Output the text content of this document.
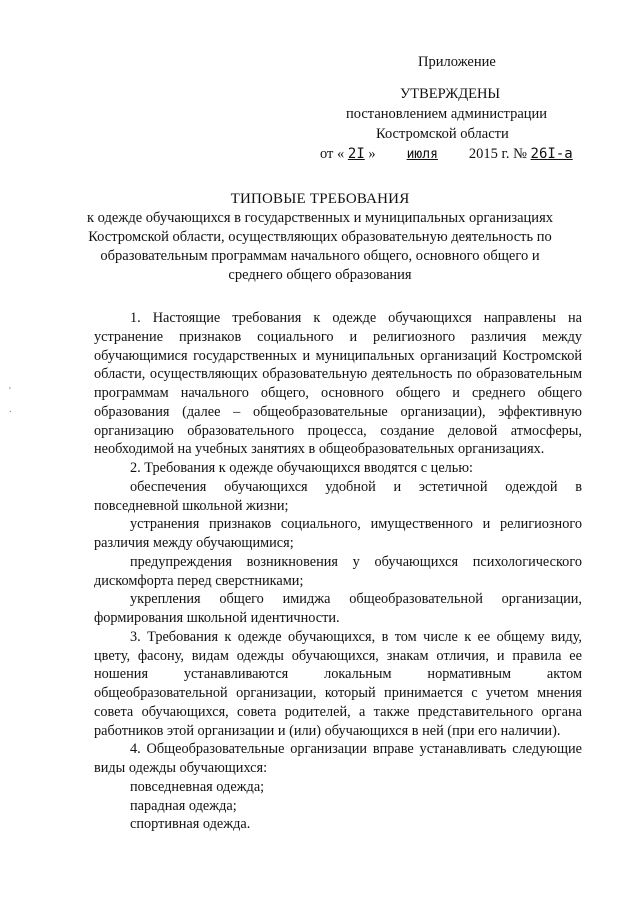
Приложение
УТВЕРЖДЕНЫ
постановлением администрации
Костромской области
от « 2I » июля 2015 г. № 26I-а
ТИПОВЫЕ ТРЕБОВАНИЯ
к одежде обучающихся в государственных и муниципальных организациях
Костромской области, осуществляющих образовательную деятельность по
образовательным программам начального общего, основного общего и
среднего общего образования

1. Настоящие требования к одежде обучающихся направлены на устранение признаков социального и религиозного различия между обучающимися государственных и муниципальных организаций Костромской области, осуществляющих образовательную деятельность по образовательным программам начального общего, основного общего и среднего общего образования (далее – общеобразовательные организации), эффективную организацию образовательного процесса, создание деловой атмосферы, необходимой на учебных занятиях в общеобразовательных организациях.

2. Требования к одежде обучающихся вводятся с целью:

обеспечения обучающихся удобной и эстетичной одеждой в повседневной школьной жизни;

устранения признаков социального, имущественного и религиозного различия между обучающимися;

предупреждения возникновения у обучающихся психологического дискомфорта перед сверстниками;

укрепления общего имиджа общеобразовательной организации, формирования школьной идентичности.

3. Требования к одежде обучающихся, в том числе к ее общему виду, цвету, фасону, видам одежды обучающихся, знакам отличия, и правила ее ношения устанавливаются локальным нормативным актом общеобразовательной организации, который принимается с учетом мнения совета обучающихся, совета родителей, а также представительного органа работников этой организации и (или) обучающихся в ней (при его наличии).

4. Общеобразовательные организации вправе устанавливать следующие виды одежды обучающихся:

повседневная одежда;

парадная одежда;

спортивная одежда.

'
.
